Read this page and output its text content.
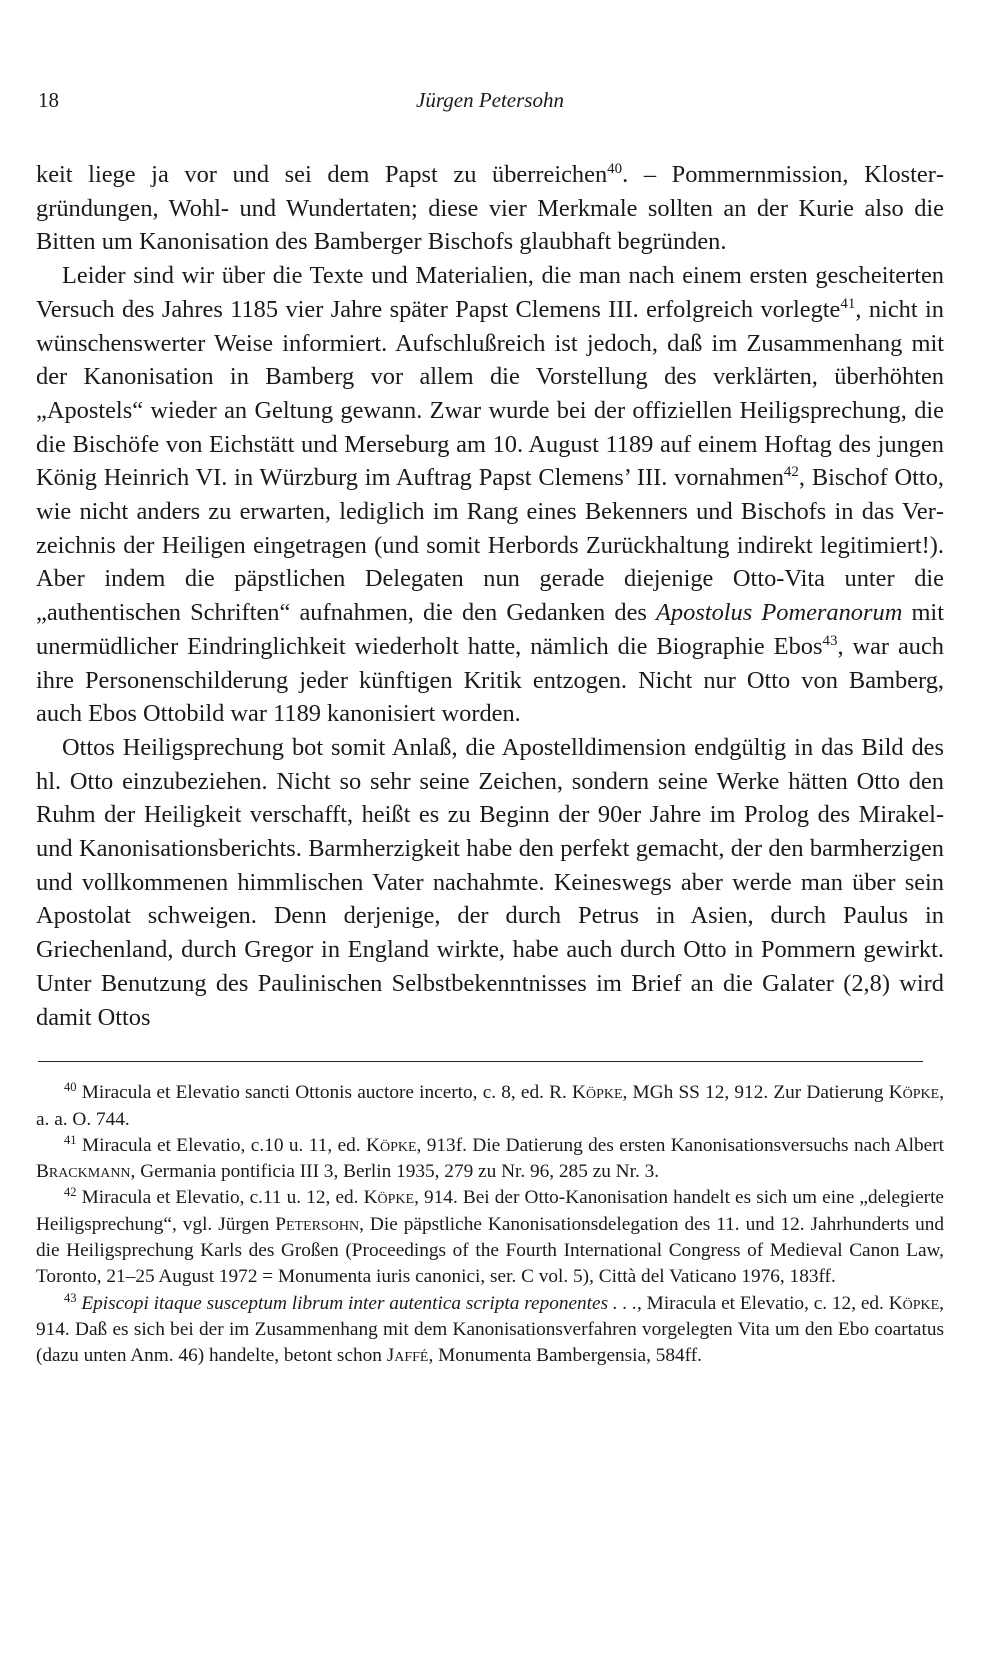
18	Jürgen Petersohn

keit liege ja vor und sei dem Papst zu überreichen$^{40}$. – Pommernmission, Klostergründungen, Wohl- und Wundertaten; diese vier Merkmale sollten an der Kurie also die Bitten um Kanonisation des Bamberger Bischofs glaubhaft begründen.

Leider sind wir über die Texte und Materialien, die man nach einem ersten gescheiterten Versuch des Jahres 1185 vier Jahre später Papst Clemens III. erfolgreich vorlegte$^{41}$, nicht in wünschenswerter Weise informiert. Aufschlußreich ist jedoch, daß im Zusammenhang mit der Kanonisation in Bamberg vor allem die Vorstellung des verklärten, überhöhten „Apostels“ wieder an Geltung gewann. Zwar wurde bei der offiziellen Heiligsprechung, die die Bischöfe von Eichstätt und Merseburg am 10. August 1189 auf einem Hoftag des jungen König Heinrich VI. in Würzburg im Auftrag Papst Clemens’ III. vornahmen$^{42}$, Bischof Otto, wie nicht anders zu erwarten, lediglich im Rang eines Bekenners und Bischofs in das Verzeichnis der Heiligen eingetragen (und somit Herbords Zurückhaltung indirekt legitimiert!). Aber indem die päpstlichen Delegaten nun gerade diejenige Otto-Vita unter die „authentischen Schriften“ aufnahmen, die den Gedanken des Apostolus Pomeranorum mit unermüdlicher Eindringlichkeit wiederholt hatte, nämlich die Biographie Ebos$^{43}$, war auch ihre Personenschilderung jeder künftigen Kritik entzogen. Nicht nur Otto von Bamberg, auch Ebos Ottobild war 1189 kanonisiert worden.

Ottos Heiligsprechung bot somit Anlaß, die Apostelldimension endgültig in das Bild des hl. Otto einzubeziehen. Nicht so sehr seine Zeichen, sondern seine Werke hätten Otto den Ruhm der Heiligkeit verschafft, heißt es zu Beginn der 90er Jahre im Prolog des Mirakel- und Kanonisationsberichts. Barmherzigkeit habe den perfekt gemacht, der den barmherzigen und vollkommenen himmlischen Vater nachahmte. Keineswegs aber werde man über sein Apostolat schweigen. Denn derjenige, der durch Petrus in Asien, durch Paulus in Griechenland, durch Gregor in England wirkte, habe auch durch Otto in Pommern gewirkt. Unter Benutzung des Paulinischen Selbstbekenntnisses im Brief an die Galater (2,8) wird damit Ottos

$^{40}$ Miracula et Elevatio sancti Ottonis auctore incerto, c. 8, ed. R. Köpke, MGh SS 12, 912. Zur Datierung Köpke, a. a. O. 744.

$^{41}$ Miracula et Elevatio, c.10 u. 11, ed. Köpke, 913f. Die Datierung des ersten Kanonisationsversuchs nach Albert Brackmann, Germania pontificia III 3, Berlin 1935, 279 zu Nr. 96, 285 zu Nr. 3.

$^{42}$ Miracula et Elevatio, c.11 u. 12, ed. Köpke, 914. Bei der Otto-Kanonisation handelt es sich um eine „delegierte Heiligsprechung“, vgl. Jürgen Petersohn, Die päpstliche Kanonisationsdelegation des 11. und 12. Jahrhunderts und die Heiligsprechung Karls des Großen (Proceedings of the Fourth International Congress of Medieval Canon Law, Toronto, 21–25 August 1972 = Monumenta iuris canonici, ser. C vol. 5), Città del Vaticano 1976, 183ff.

$^{43}$ Episcopi itaque susceptum librum inter autentica scripta reponentes . . ., Miracula et Elevatio, c. 12, ed. Köpke, 914. Daß es sich bei der im Zusammenhang mit dem Kanonisationsverfahren vorgelegten Vita um den Ebo coartatus (dazu unten Anm. 46) handelte, betont schon Jaffé, Monumenta Bambergensia, 584ff.
